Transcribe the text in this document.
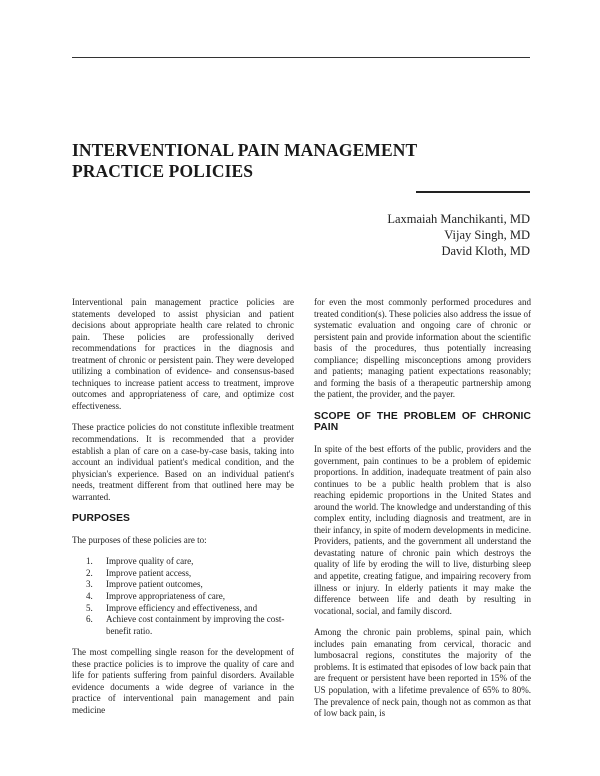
INTERVENTIONAL PAIN MANAGEMENT
PRACTICE POLICIES
Laxmaiah Manchikanti, MD
Vijay Singh, MD
David Kloth, MD

Interventional pain management practice policies are statements developed to assist physician and patient decisions about appropriate health care related to chronic pain. These policies are professionally derived recommendations for practices in the diagnosis and treatment of chronic or persistent pain. They were developed utilizing a combination of evidence- and consensus-based techniques to increase patient access to treatment, improve outcomes and appropriateness of care, and optimize cost effectiveness.

These practice policies do not constitute inflexible treatment recommendations. It is recommended that a provider establish a plan of care on a case-by-case basis, taking into account an individual patient's medical condition, and the physician's experience. Based on an individual patient's needs, treatment different from that outlined here may be warranted.

PURPOSES

The purposes of these policies are to:

1.	Improve quality of care,
2.	Improve patient access,
3.	Improve patient outcomes,
4.	Improve appropriateness of care,
5.	Improve efficiency and effectiveness, and
6.	Achieve cost containment by improving the cost-benefit ratio.

The most compelling single reason for the development of these practice policies is to improve the quality of care and life for patients suffering from painful disorders. Available evidence documents a wide degree of variance in the practice of interventional pain management and pain medicine

for even the most commonly performed procedures and treated condition(s). These policies also address the issue of systematic evaluation and ongoing care of chronic or persistent pain and provide information about the scientific basis of the procedures, thus potentially increasing compliance; dispelling misconceptions among providers and patients; managing patient expectations reasonably; and forming the basis of a therapeutic partnership among the patient, the provider, and the payer.

SCOPE OF THE PROBLEM OF CHRONIC PAIN

In spite of the best efforts of the public, providers and the government, pain continues to be a problem of epidemic proportions. In addition, inadequate treatment of pain also continues to be a public health problem that is also reaching epidemic proportions in the United States and around the world. The knowledge and understanding of this complex entity, including diagnosis and treatment, are in their infancy, in spite of modern developments in medicine. Providers, patients, and the government all understand the devastating nature of chronic pain which destroys the quality of life by eroding the will to live, disturbing sleep and appetite, creating fatigue, and impairing recovery from illness or injury. In elderly patients it may make the difference between life and death by resulting in vocational, social, and family discord.

Among the chronic pain problems, spinal pain, which includes pain emanating from cervical, thoracic and lumbosacral regions, constitutes the majority of the problems. It is estimated that episodes of low back pain that are frequent or persistent have been reported in 15% of the US population, with a lifetime prevalence of 65% to 80%. The prevalence of neck pain, though not as common as that of low back pain, is
